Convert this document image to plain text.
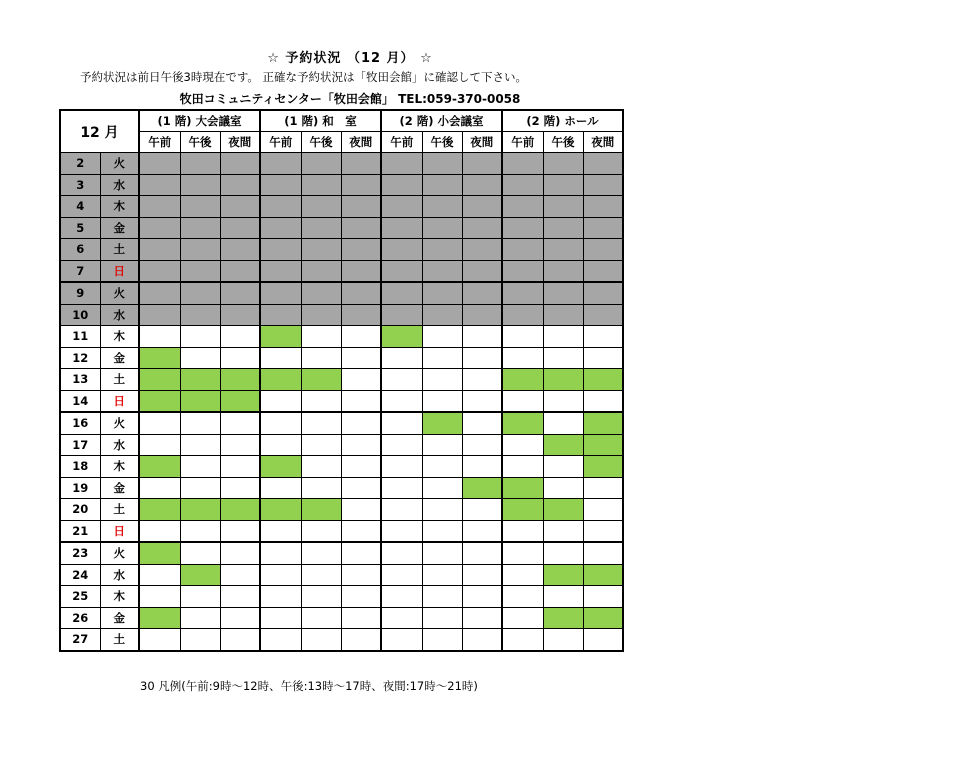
☆ 予約状況 （12 月） ☆
予約状況は前日午後3時現在です。 正確な予約状況は「牧田会館」に確認して下さい。
牧田コミュニティセンター「牧田会館」 TEL:059-370-0058
12 月		(1 階) 大会議室			(1 階) 和　室			(2 階) 小会議室			(2 階) ホール		
		午前	午後	夜間	午前	午後	夜間	午前	午後	夜間	午前	午後	夜間
2	火												
3	水												
4	木												
5	金												
6	土												
7	日												
9	火												
10	水												
11	木												
12	金												
13	土												
14	日												
16	火												
17	水												
18	木												
19	金												
20	土												
21	日												
23	火												
24	水												
25	木												
26	金												
27	土												
30 凡例(午前:9時～12時、午後:13時～17時、夜間:17時～21時)
